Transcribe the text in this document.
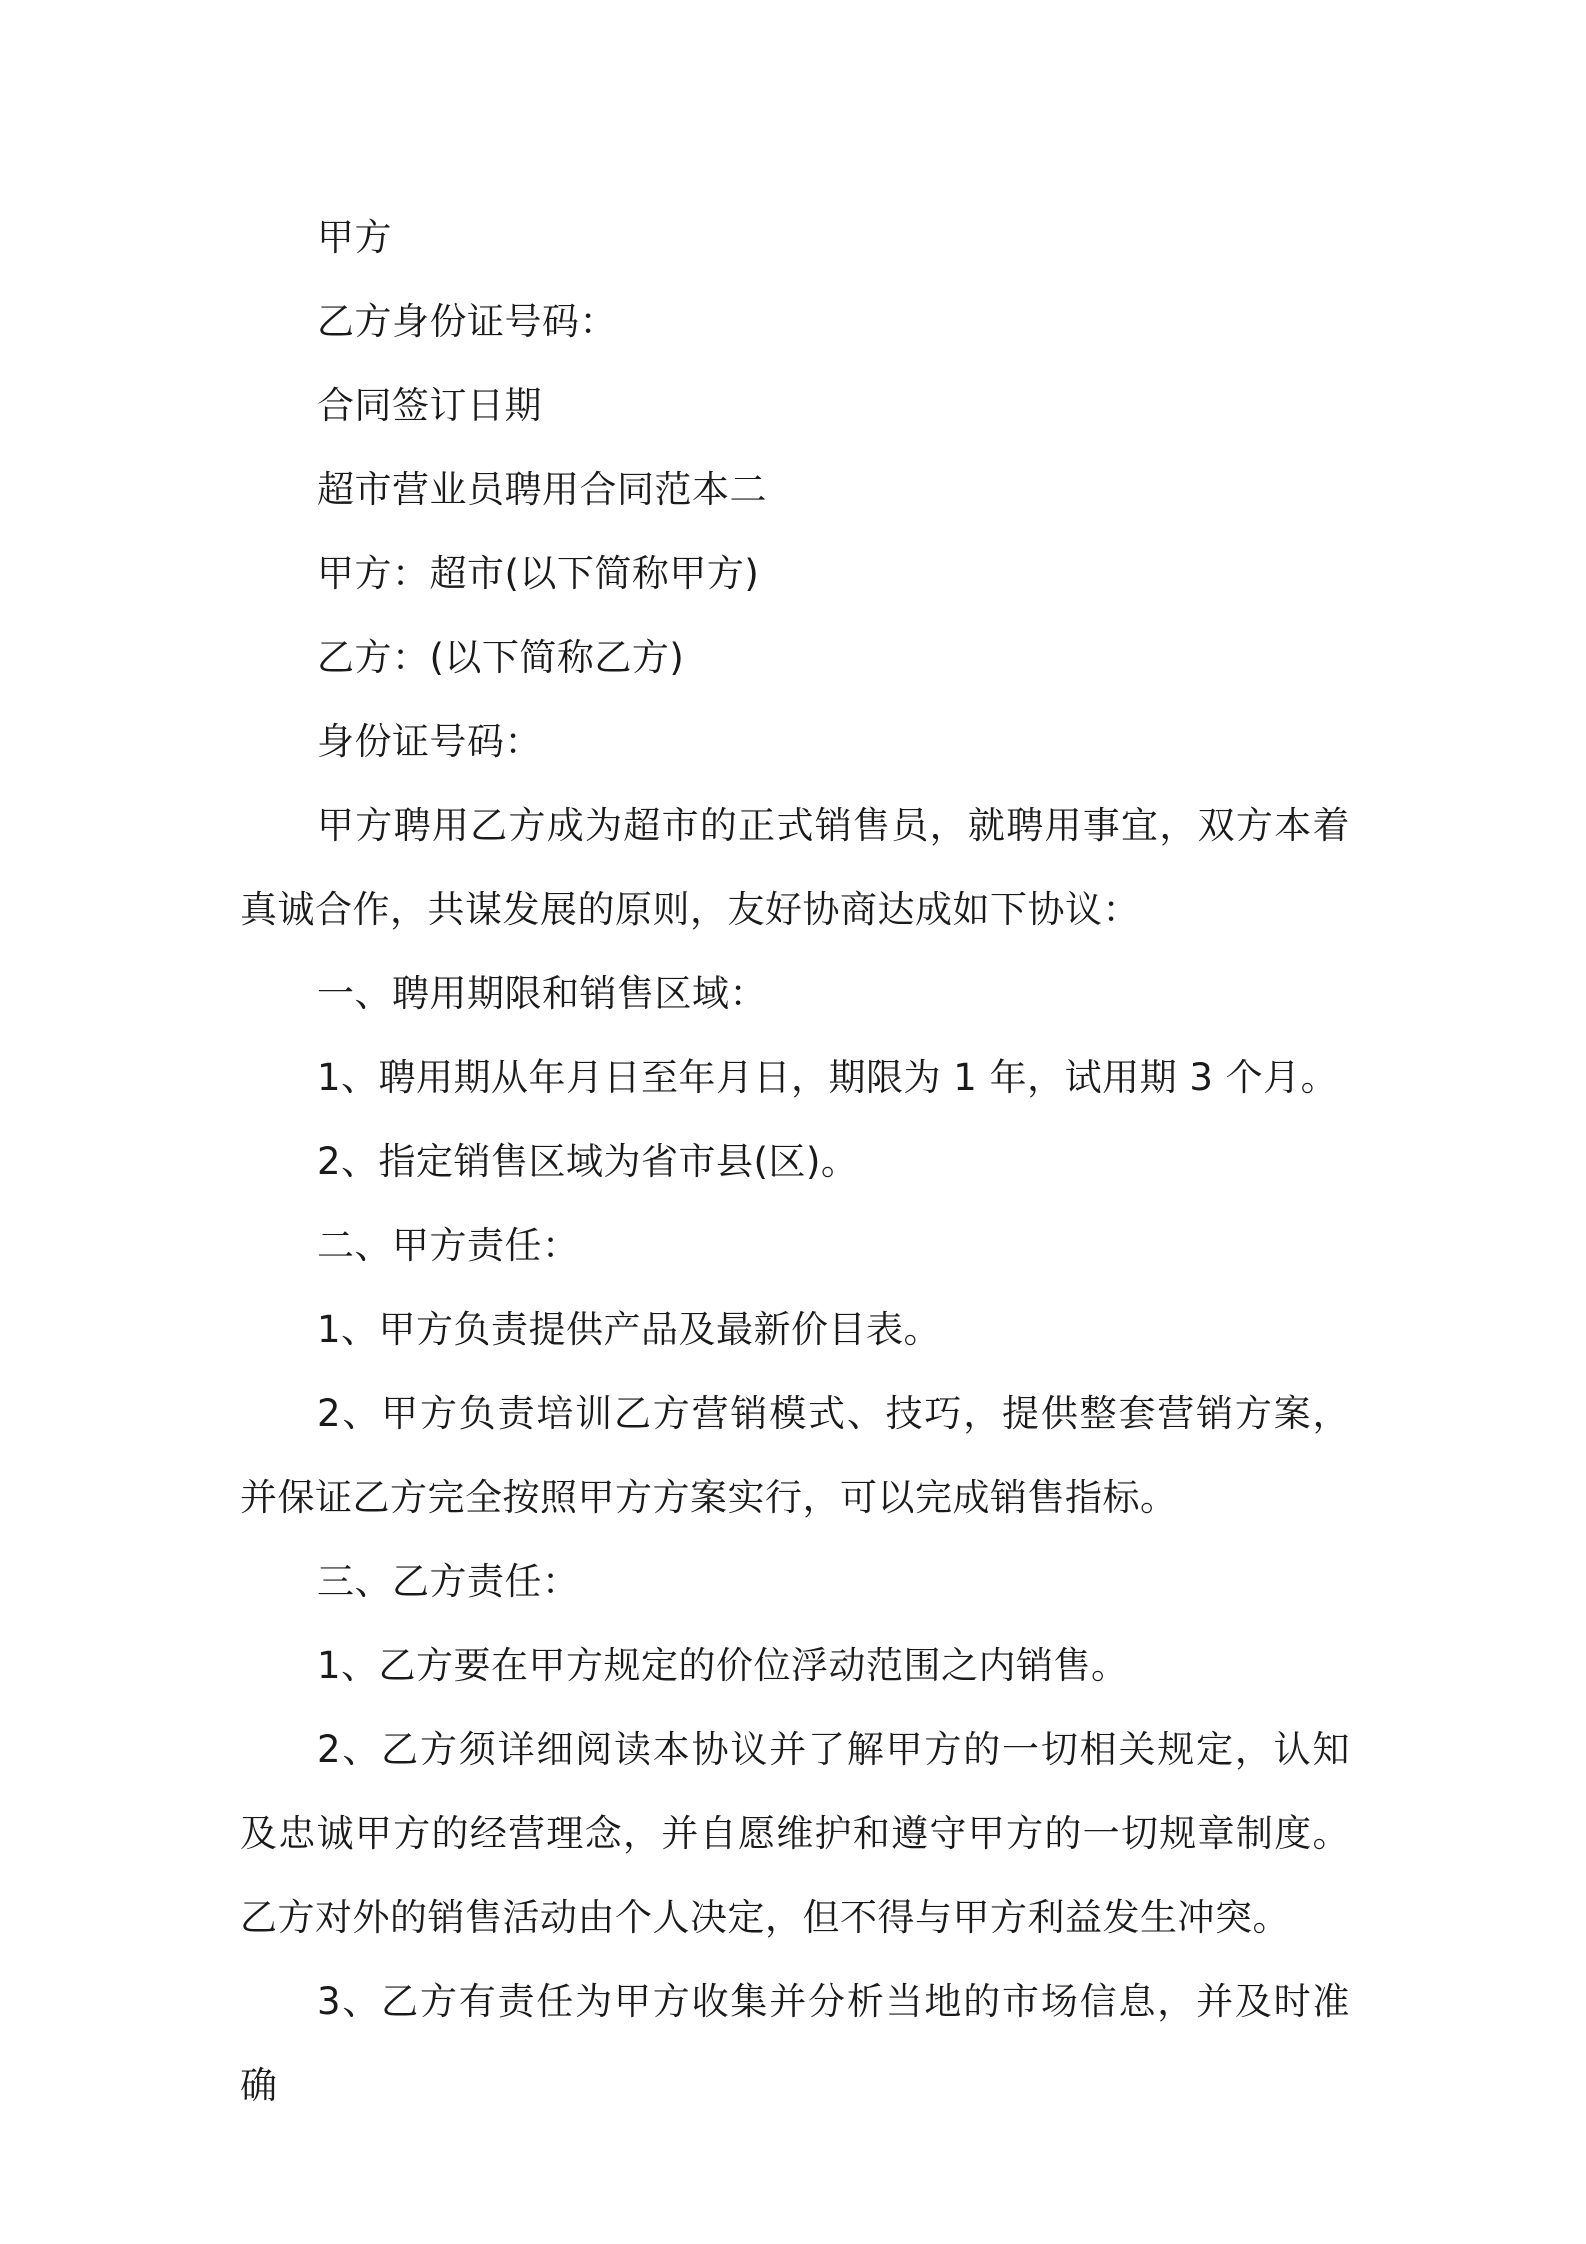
甲方

乙方身份证号码：

合同签订日期

超市营业员聘用合同范本二

甲方：超市(以下简称甲方)

乙方：(以下简称乙方)

身份证号码：

甲方聘用乙方成为超市的正式销售员，就聘用事宜，双方本着真诚合作，共谋发展的原则，友好协商达成如下协议：

一、聘用期限和销售区域：

1、聘用期从年月日至年月日，期限为 1 年，试用期 3 个月。

2、指定销售区域为省市县(区)。

二、甲方责任：

1、甲方负责提供产品及最新价目表。

2、甲方负责培训乙方营销模式、技巧，提供整套营销方案，并保证乙方完全按照甲方方案实行，可以完成销售指标。

三、乙方责任：

1、乙方要在甲方规定的价位浮动范围之内销售。

2、乙方须详细阅读本协议并了解甲方的一切相关规定，认知及忠诚甲方的经营理念，并自愿维护和遵守甲方的一切规章制度。乙方对外的销售活动由个人决定，但不得与甲方利益发生冲突。

3、乙方有责任为甲方收集并分析当地的市场信息，并及时准确
